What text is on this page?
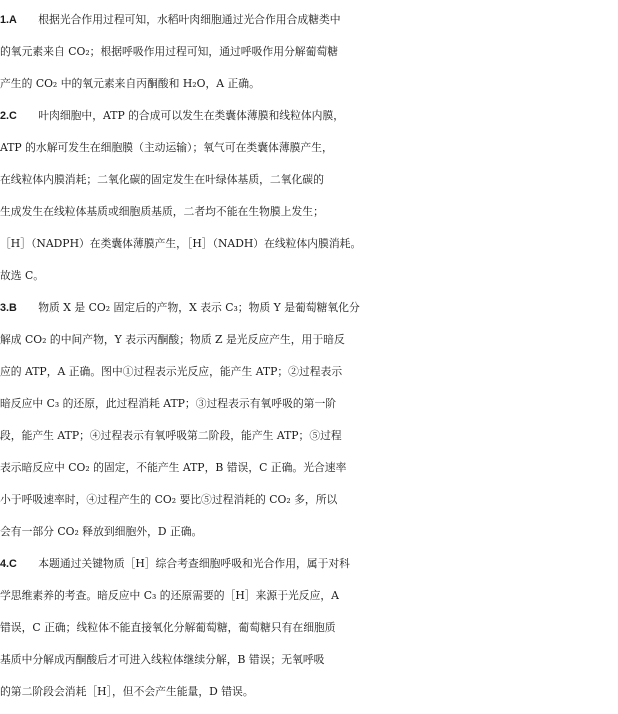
1.A 根据光合作用过程可知，水稻叶肉细胞通过光合作用合成糖类中
的氧元素来自 CO₂；根据呼吸作用过程可知，通过呼吸作用分解葡萄糖
产生的 CO₂ 中的氧元素来自丙酮酸和 H₂O，A 正确。
2.C 叶肉细胞中，ATP 的合成可以发生在类囊体薄膜和线粒体内膜，
ATP 的水解可发生在细胞膜（主动运输）；氧气可在类囊体薄膜产生，
在线粒体内膜消耗；二氧化碳的固定发生在叶绿体基质，二氧化碳的
生成发生在线粒体基质或细胞质基质，二者均不能在生物膜上发生；
［H］（NADPH）在类囊体薄膜产生，［H］（NADH）在线粒体内膜消耗。
故选 C。
3.B 物质 X 是 CO₂ 固定后的产物，X 表示 C₃；物质 Y 是葡萄糖氧化分
解成 CO₂ 的中间产物，Y 表示丙酮酸；物质 Z 是光反应产生，用于暗反
应的 ATP，A 正确。图中①过程表示光反应，能产生 ATP；②过程表示
暗反应中 C₃ 的还原，此过程消耗 ATP；③过程表示有氧呼吸的第一阶
段，能产生 ATP；④过程表示有氧呼吸第二阶段，能产生 ATP；⑤过程
表示暗反应中 CO₂ 的固定，不能产生 ATP，B 错误，C 正确。光合速率
小于呼吸速率时，④过程产生的 CO₂ 要比⑤过程消耗的 CO₂ 多，所以
会有一部分 CO₂ 释放到细胞外，D 正确。
4.C 本题通过关键物质［H］综合考查细胞呼吸和光合作用，属于对科
学思维素养的考查。暗反应中 C₃ 的还原需要的［H］来源于光反应，A
错误，C 正确；线粒体不能直接氧化分解葡萄糖，葡萄糖只有在细胞质
基质中分解成丙酮酸后才可进入线粒体继续分解，B 错误；无氧呼吸
的第二阶段会消耗［H］，但不会产生能量，D 错误。
